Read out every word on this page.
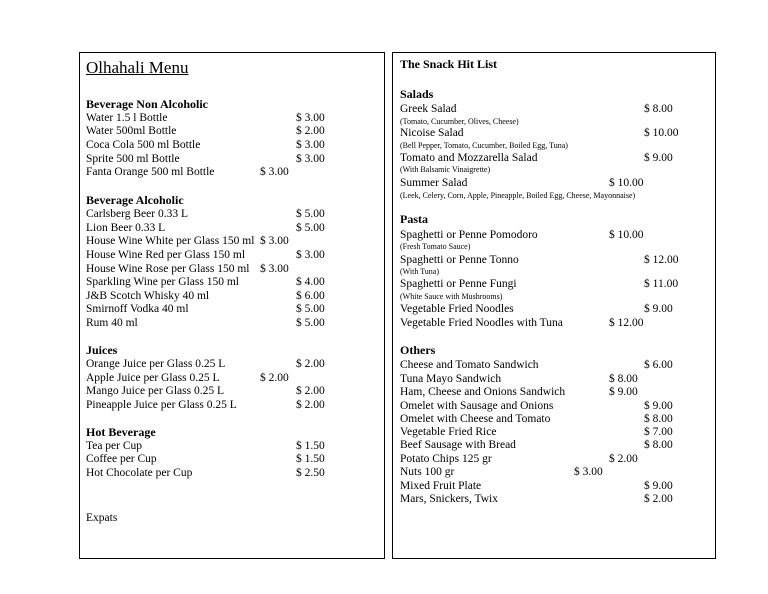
Olhahali Menu
Beverage Non Alcoholic
Water 1.5 l Bottle	$ 3.00
Water 500ml Bottle	$ 2.00
Coca Cola 500 ml Bottle	$ 3.00
Sprite 500 ml Bottle	$ 3.00
Fanta Orange 500 ml Bottle	$ 3.00
Beverage Alcoholic
Carlsberg Beer 0.33 L	$ 5.00
Lion Beer 0.33 L	$ 5.00
House Wine White per Glass 150 ml $ 3.00
House Wine Red per Glass 150 ml	$ 3.00
House Wine Rose per Glass 150 ml $ 3.00
Sparkling Wine per Glass 150 ml	$ 4.00
J&B Scotch Whisky 40 ml	$ 6.00
Smirnoff Vodka 40 ml	$ 5.00
Rum 40 ml	$ 5.00
Juices
Orange Juice per Glass 0.25 L	$ 2.00
Apple Juice per Glass 0.25 L	$ 2.00
Mango Juice per Glass 0.25 L	$ 2.00
Pineapple Juice per Glass 0.25 L	$ 2.00
Hot Beverage
Tea per Cup	$ 1.50
Coffee per Cup	$ 1.50
Hot Chocolate per Cup	$ 2.50
Expats
The Snack Hit List
Salads
Greek Salad	$ 8.00
(Tomato, Cucumber, Olives, Cheese)
Nicoise Salad	$ 10.00
(Bell Pepper, Tomato, Cucumber, Boiled Egg, Tuna)
Tomato and Mozzarella Salad	$ 9.00
(With Balsamic Vinaigrette)
Summer Salad	$ 10.00
(Leek, Celery, Corn, Apple, Pineapple, Boiled Egg, Cheese, Mayonnaise)
Pasta
Spaghetti or Penne Pomodoro	$ 10.00
(Fresh Tomato Sauce)
Spaghetti or Penne Tonno	$ 12.00
(With Tuna)
Spaghetti or Penne Fungi	$ 11.00
(White Sauce with Mushrooms)
Vegetable Fried Noodles	$ 9.00
Vegetable Fried Noodles with Tuna	$ 12.00
Others
Cheese and Tomato Sandwich	$ 6.00
Tuna Mayo Sandwich	$ 8.00
Ham, Cheese and Onions Sandwich	$ 9.00
Omelet with Sausage and Onions	$ 9.00
Omelet with Cheese and Tomato	$ 8.00
Vegetable Fried Rice	$ 7.00
Beef Sausage with Bread	$ 8.00
Potato Chips 125 gr	$ 2.00
Nuts 100 gr	$ 3.00
Mixed Fruit Plate	$ 9.00
Mars, Snickers, Twix	$ 2.00
